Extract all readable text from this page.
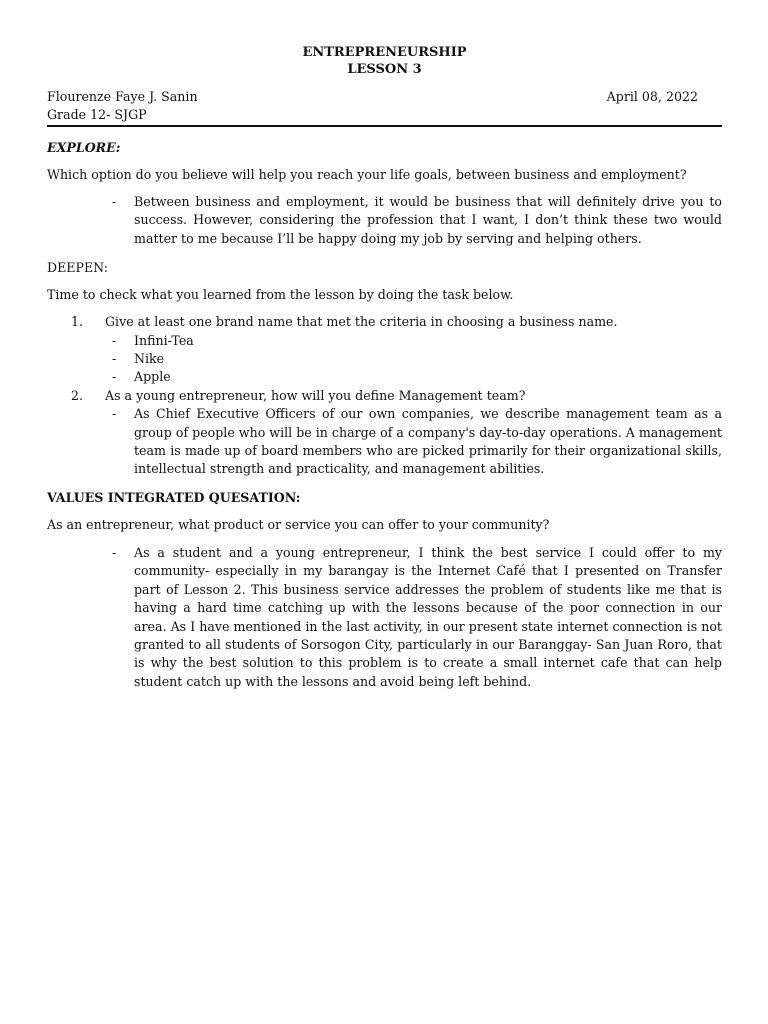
ENTREPRENEURSHIP
LESSON 3
Flourenze Faye J. Sanin	April 08, 2022
Grade 12- SJGP
EXPLORE:

Which option do you believe will help you reach your life goals, between business and employment?

- Between business and employment, it would be business that will definitely drive you to success. However, considering the profession that I want, I don’t think these two would matter to me because I’ll be happy doing my job by serving and helping others.
DEEPEN:

Time to check what you learned from the lesson by doing the task below.

1. Give at least one brand name that met the criteria in choosing a business name.
- Infini-Tea
- Nike
- Apple
2. As a young entrepreneur, how will you define Management team?
- As Chief Executive Officers of our own companies, we describe management team as a group of people who will be in charge of a company's day-to-day operations. A management team is made up of board members who are picked primarily for their organizational skills, intellectual strength and practicality, and management abilities.
VALUES INTEGRATED QUESATION:

As an entrepreneur, what product or service you can offer to your community?

- As a student and a young entrepreneur, I think the best service I could offer to my community- especially in my barangay is the Internet Café that I presented on Transfer part of Lesson 2. This business service addresses the problem of students like me that is having a hard time catching up with the lessons because of the poor connection in our area. As I have mentioned in the last activity, in our present state internet connection is not granted to all students of Sorsogon City, particularly in our Baranggay- San Juan Roro, that is why the best solution to this problem is to create a small internet cafe that can help student catch up with the lessons and avoid being left behind.
